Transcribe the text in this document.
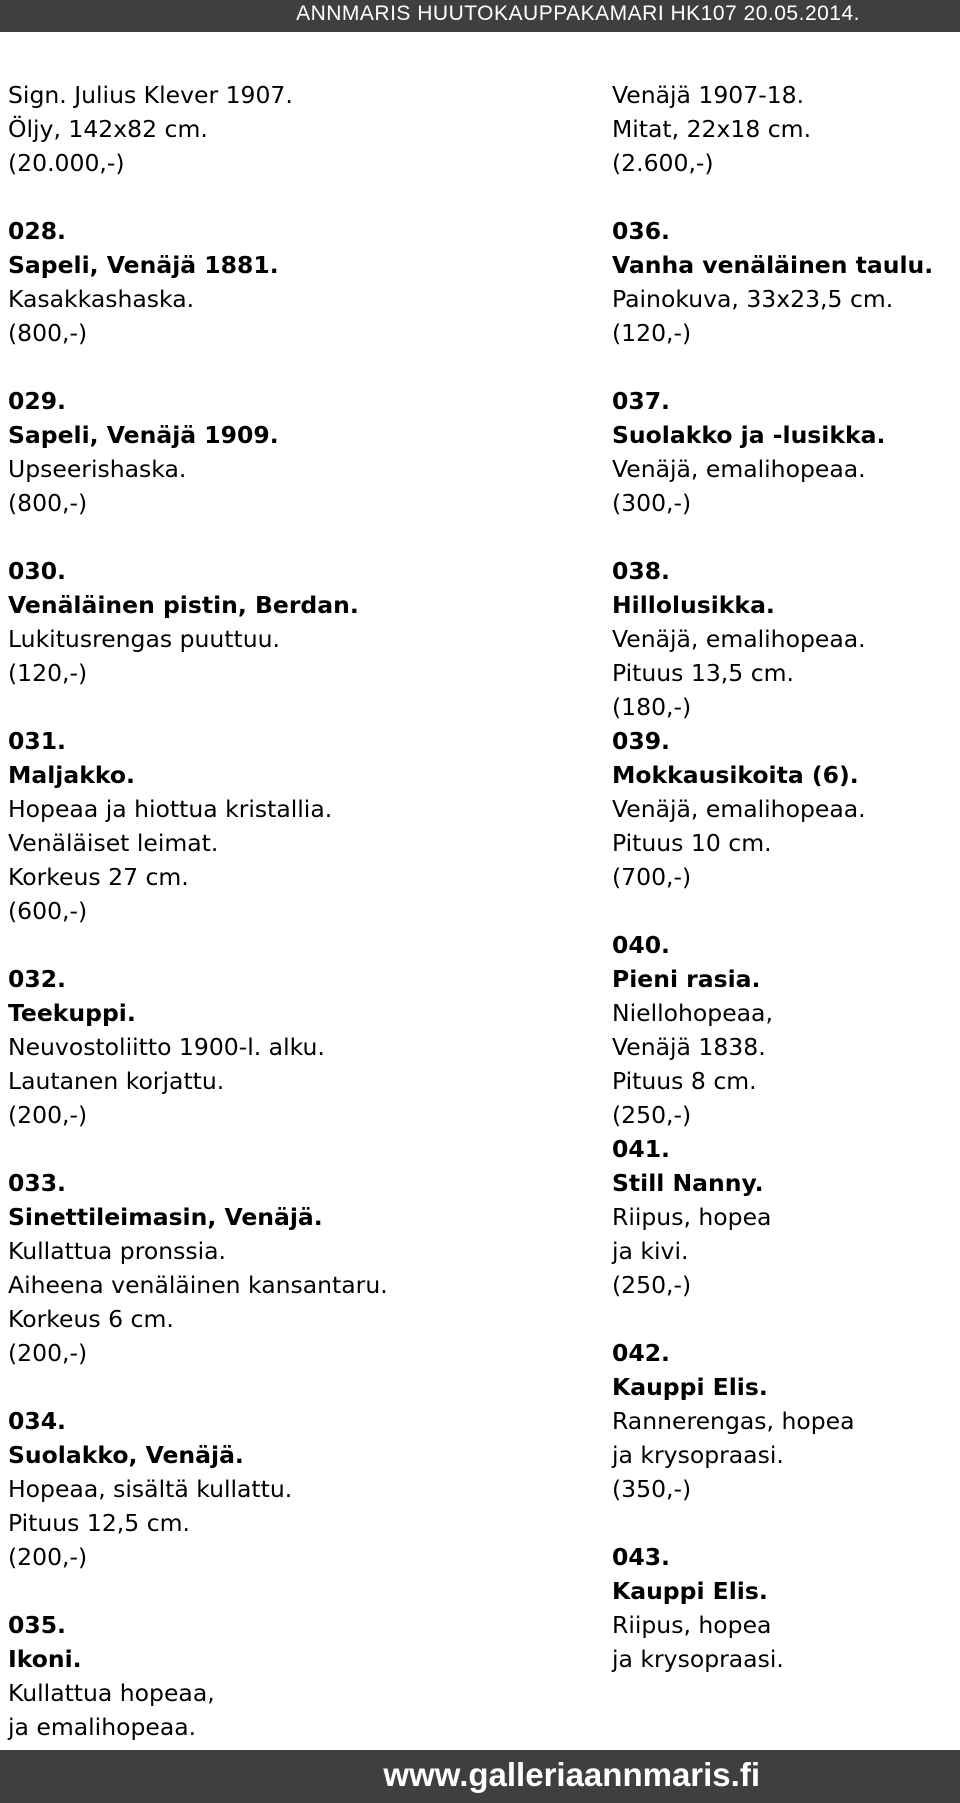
ANNMARIS HUUTOKAUPPAKAMARI HK107 20.05.2014.
Sign. Julius Klever 1907.
Öljy, 142x82 cm.
(20.000,-)
028.
Sapeli, Venäjä 1881.
Kasakkashaska.
(800,-)
029.
Sapeli, Venäjä 1909.
Upseerishaska.
(800,-)
030.
Venäläinen pistin, Berdan.
Lukitusrengas puuttuu.
(120,-)
031.
Maljakko.
Hopeaa ja hiottua kristallia.
Venäläiset leimat.
Korkeus 27 cm.
(600,-)
032.
Teekuppi.
Neuvostoliitto 1900-l. alku.
Lautanen korjattu.
(200,-)
033.
Sinettileimasin, Venäjä.
Kullattua pronssia.
Aiheena venäläinen kansantaru.
Korkeus 6 cm.
(200,-)
034.
Suolakko, Venäjä.
Hopeaa, sisältä kullattu.
Pituus 12,5 cm.
(200,-)
035.
Ikoni.
Kullattua hopeaa,
ja emalihopeaa.
Venäjä 1907-18.
Mitat, 22x18 cm.
(2.600,-)
036.
Vanha venäläinen taulu.
Painokuva, 33x23,5 cm.
(120,-)
037.
Suolakko ja -lusikka.
Venäjä, emalihopeaa.
(300,-)
038.
Hillolusikka.
Venäjä, emalihopeaa.
Pituus 13,5 cm.
(180,-)
039.
Mokkausikoita (6).
Venäjä, emalihopeaa.
Pituus 10 cm.
(700,-)
040.
Pieni rasia.
Niellohopeaa,
Venäjä 1838.
Pituus 8 cm.
(250,-)
041.
Still Nanny.
Riipus, hopea
ja kivi.
(250,-)
042.
Kauppi Elis.
Rannerengas, hopea
ja krysopraasi.
(350,-)
043.
Kauppi Elis.
Riipus, hopea
ja krysopraasi.
www.galleriaannmaris.fi
